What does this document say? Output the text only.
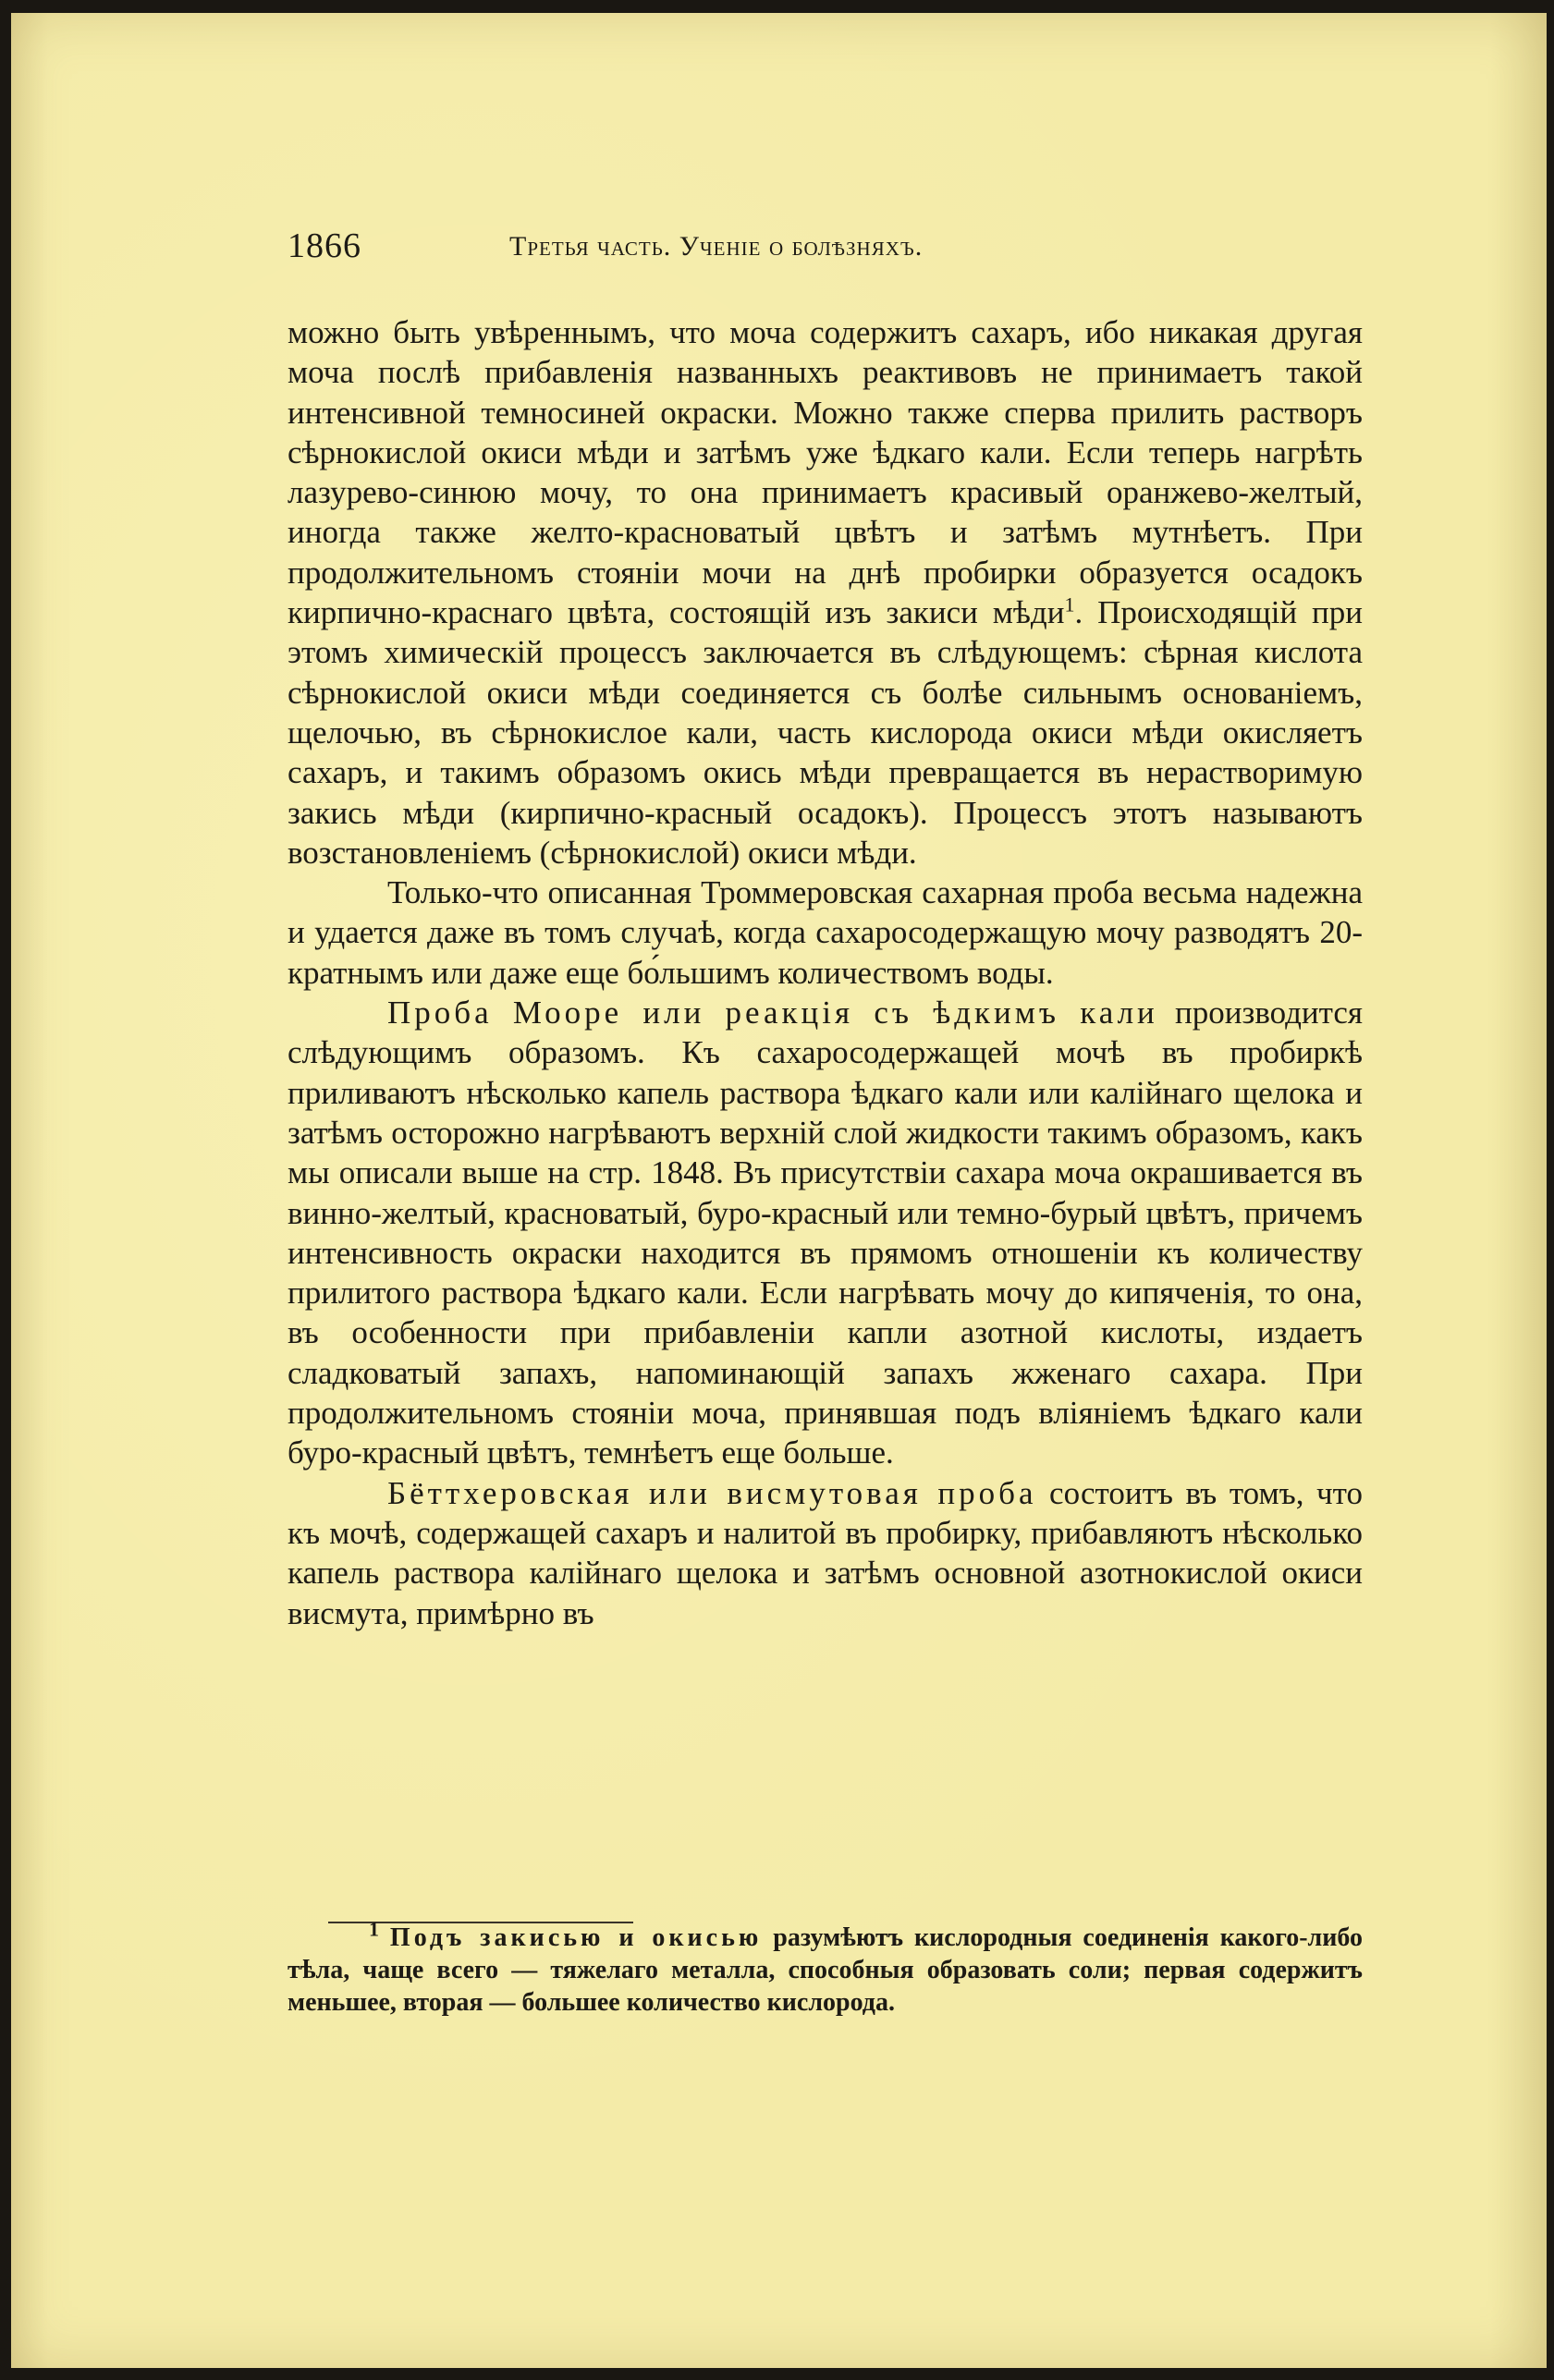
1866	Третья часть. Ученiе о болѣзняхъ.

можно быть увѣреннымъ, что моча содержитъ сахаръ, ибо никакая другая моча послѣ прибавленiя названныхъ реактивовъ не принимаетъ такой интенсивной темносиней окраски. Можно также сперва прилить растворъ сѣрнокислой окиси мѣди и затѣмъ уже ѣдкаго кали. Если теперь нагрѣть лазурево-синюю мочу, то она принимаетъ красивый оранжево-желтый, иногда также желто-красноватый цвѣтъ и затѣмъ мутнѣетъ. При продолжительномъ стоянiи мочи на днѣ пробирки образуется осадокъ кирпично-краснаго цвѣта, состоящiй изъ закиси мѣди$^1$. Происходящiй при этомъ химическiй процессъ заключается въ слѣдующемъ: сѣрная кислота сѣрнокислой окиси мѣди соединяется съ болѣе сильнымъ основанiемъ, щелочью, въ сѣрнокислое кали, часть кислорода окиси мѣди окисляетъ сахаръ, и такимъ образомъ окись мѣди превращается въ нерастворимую закись мѣди (кирпично-красный осадокъ). Процессъ этотъ называютъ возстановленiемъ (сѣрнокислой) окиси мѣди.

Только-что описанная Троммеровская сахарная проба весьма надежна и удается даже въ томъ случаѣ, когда сахаросодержащую мочу разводятъ 20-кратнымъ или даже еще бо́льшимъ количествомъ воды.

Проба Мооре или реакцiя съ ѣдкимъ кали производится слѣдующимъ образомъ. Къ сахаросодержащей мочѣ въ пробиркѣ приливаютъ нѣсколько капель раствора ѣдкаго кали или калiйнаго щелока и затѣмъ осторожно нагрѣваютъ верхнiй слой жидкости такимъ образомъ, какъ мы описали выше на стр. 1848. Въ присутствiи сахара моча окрашивается въ винно-желтый, красноватый, буро-красный или темно-бурый цвѣтъ, причемъ интенсивность окраски находится въ прямомъ отношенiи къ количеству прилитого раствора ѣдкаго кали. Если нагрѣвать мочу до кипяченiя, то она, въ особенности при прибавленiи капли азотной кислоты, издаетъ сладковатый запахъ, напоминающiй запахъ жженаго сахара. При продолжительномъ стоянiи моча, принявшая подъ влiянiемъ ѣдкаго кали буро-красный цвѣтъ, темнѣетъ еще больше.

Бёттхеровская или висмутовая проба состоитъ въ томъ, что къ мочѣ, содержащей сахаръ и налитой въ пробирку, прибавляютъ нѣсколько капель раствора калiйнаго щелока и затѣмъ основной азотнокислой окиси висмута, примѣрно въ

$^1$ Подъ закисью и окисью разумѣютъ кислородныя соединенiя какого-либо тѣла, чаще всего — тяжелаго металла, способныя образовать соли; первая содержитъ меньшее, вторая — большее количество кислорода.
